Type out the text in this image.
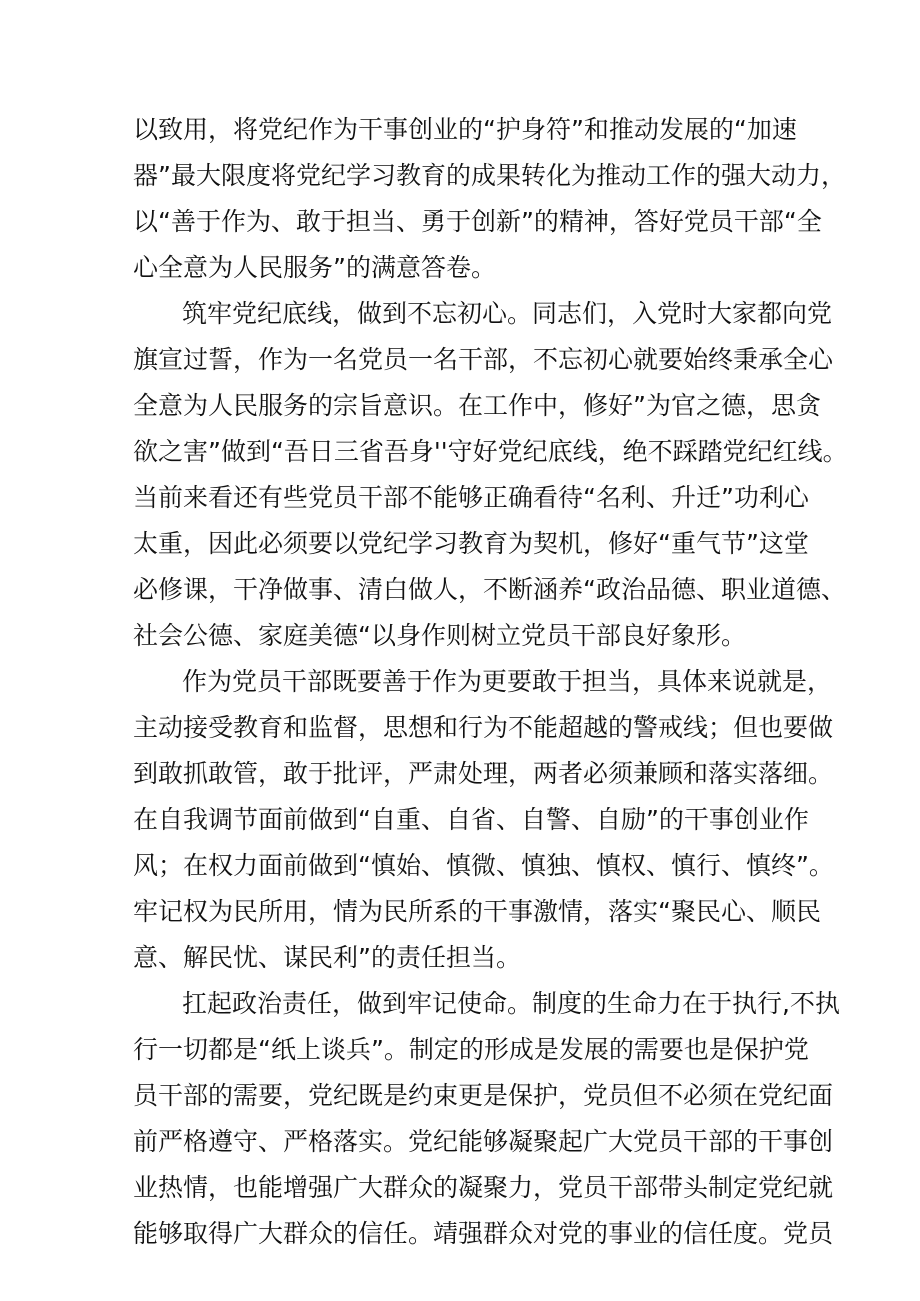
以致用，将党纪作为干事创业的“护身符”和推动发展的“加速
器”最大限度将党纪学习教育的成果转化为推动工作的强大动力，
以“善于作为、敢于担当、勇于创新”的精神，答好党员干部“全
心全意为人民服务”的满意答卷。
筑牢党纪底线，做到不忘初心。同志们，入党时大家都向党
旗宣过誓，作为一名党员一名干部，不忘初心就要始终秉承全心
全意为人民服务的宗旨意识。在工作中，修好”为官之德，思贪
欲之害”做到“吾日三省吾身''守好党纪底线，绝不踩踏党纪红线。
当前来看还有些党员干部不能够正确看待“名利、升迁”功利心
太重，因此必须要以党纪学习教育为契机，修好“重气节”这堂
必修课，干净做事、清白做人，不断涵养“政治品德、职业道德、
社会公德、家庭美德“以身作则树立党员干部良好象形。
作为党员干部既要善于作为更要敢于担当，具体来说就是，
主动接受教育和监督，思想和行为不能超越的警戒线；但也要做
到敢抓敢管，敢于批评，严肃处理，两者必须兼顾和落实落细。
在自我调节面前做到“自重、自省、自警、自励”的干事创业作
风；在权力面前做到“慎始、慎微、慎独、慎权、慎行、慎终”。
牢记权为民所用，情为民所系的干事激情，落实“聚民心、顺民
意、解民忧、谋民利”的责任担当。
扛起政治责任，做到牢记使命。制度的生命力在于执行,不执
行一切都是“纸上谈兵”。制定的形成是发展的需要也是保护党
员干部的需要，党纪既是约束更是保护，党员但不必须在党纪面
前严格遵守、严格落实。党纪能够凝聚起广大党员干部的干事创
业热情，也能增强广大群众的凝聚力，党员干部带头制定党纪就
能够取得广大群众的信任。靖强群众对党的事业的信任度。党员
